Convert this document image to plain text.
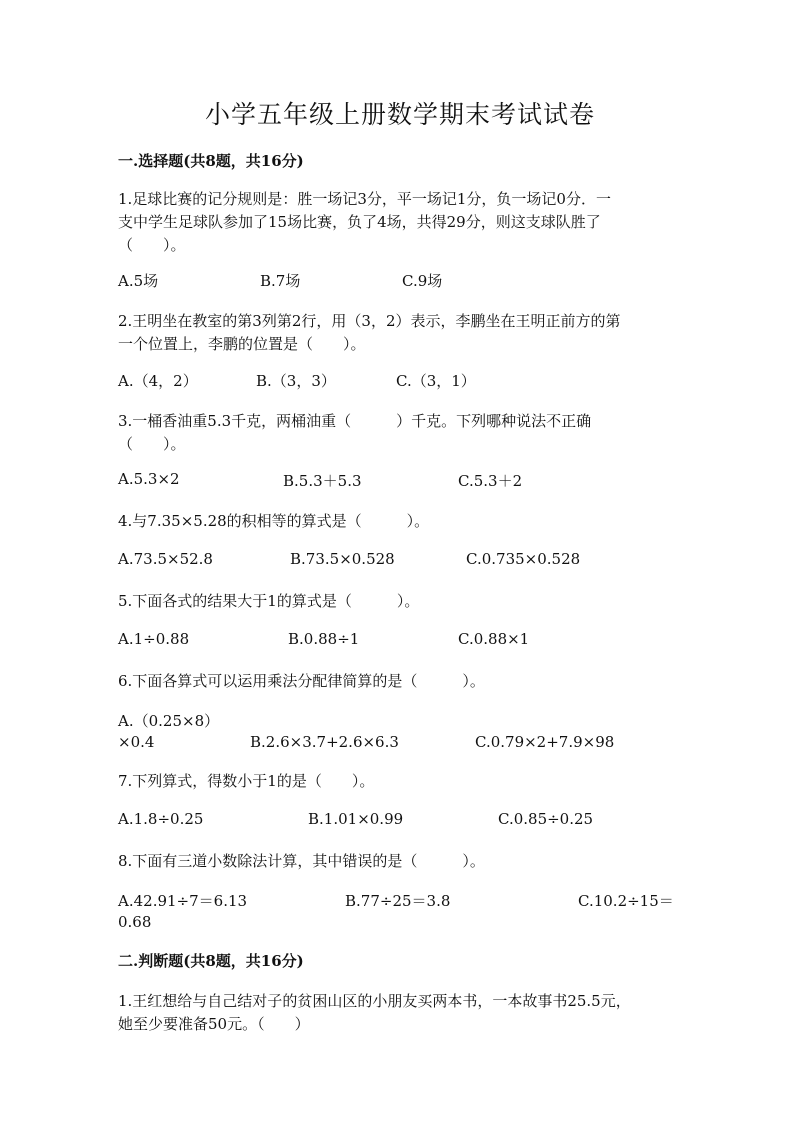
小学五年级上册数学期末考试试卷
一.选择题(共8题，共16分)
1.足球比赛的记分规则是：胜一场记3分，平一场记1分，负一场记0分．一
支中学生足球队参加了15场比赛，负了4场，共得29分，则这支球队胜了
（　　）。
A.5场	B.7场	C.9场
2.王明坐在教室的第3列第2行，用（3，2）表示，李鹏坐在王明正前方的第
一个位置上，李鹏的位置是（　　）。
A.（4，2）	B.（3，3）	C.（3，1）
3.一桶香油重5.3千克，两桶油重（　　　）千克。下列哪种说法不正确
（　　）。
A.5.3×2	B.5.3＋5.3	C.5.3＋2
4.与7.35×5.28的积相等的算式是（　　　）。
A.73.5×52.8	B.73.5×0.528	C.0.735×0.528
5.下面各式的结果大于1的算式是（　　　）。
A.1÷0.88	B.0.88÷1	C.0.88×1
6.下面各算式可以运用乘法分配律简算的是（　　　）。
A.（0.25×8）
×0.4	B.2.6×3.7+2.6×6.3	C.0.79×2+7.9×98
7.下列算式，得数小于1的是（　　）。
A.1.8÷0.25	B.1.01×0.99	C.0.85÷0.25
8.下面有三道小数除法计算，其中错误的是（　　　）。
A.42.91÷7＝6.13	B.77÷25＝3.8	C.10.2÷15＝
0.68
二.判断题(共8题，共16分)
1.王红想给与自己结对子的贫困山区的小朋友买两本书，一本故事书25.5元，
她至少要准备50元。（　　）
